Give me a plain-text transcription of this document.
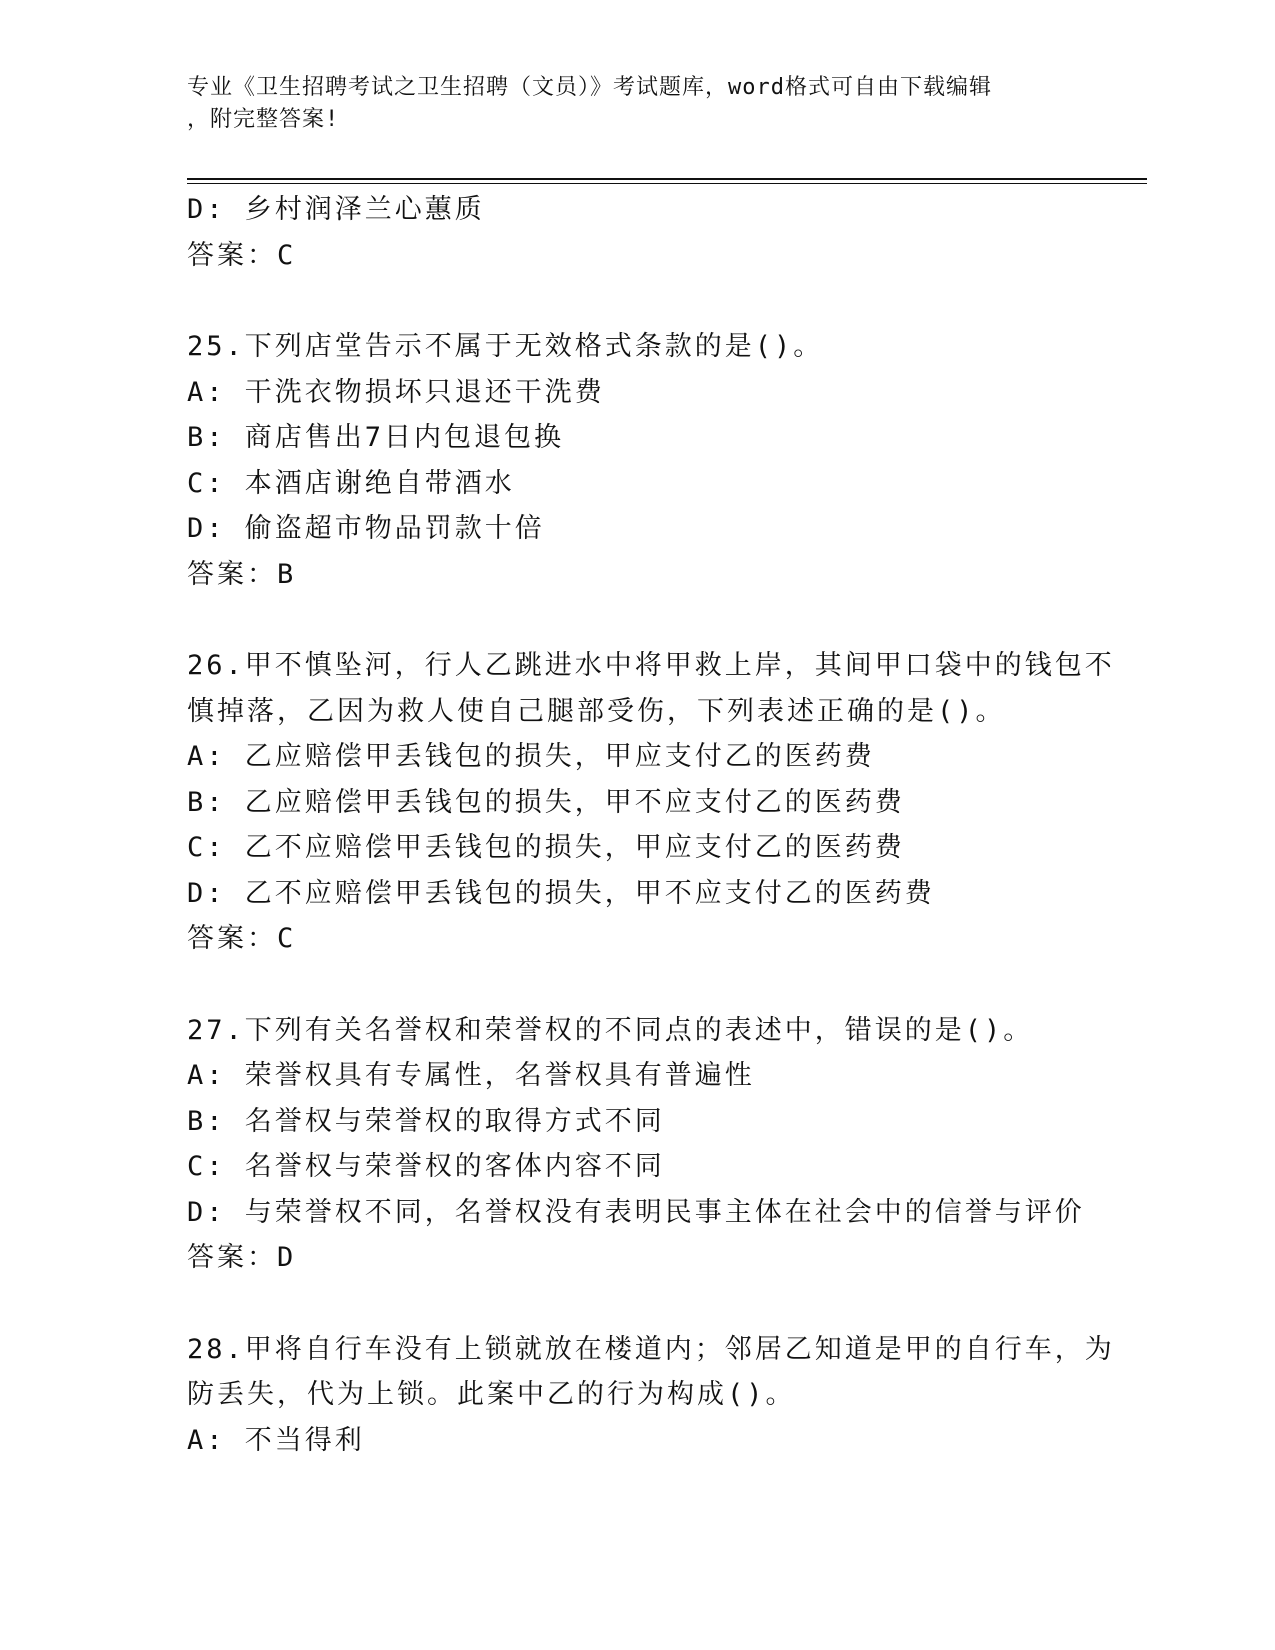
专业《卫生招聘考试之卫生招聘（文员）》考试题库，word格式可自由下载编辑
，附完整答案!
D: 乡村润泽兰心蕙质
答案：C
25.下列店堂告示不属于无效格式条款的是()。
A: 干洗衣物损坏只退还干洗费
B: 商店售出7日内包退包换
C: 本酒店谢绝自带酒水
D: 偷盗超市物品罚款十倍
答案：B
26.甲不慎坠河，行人乙跳进水中将甲救上岸，其间甲口袋中的钱包不
慎掉落，乙因为救人使自己腿部受伤，下列表述正确的是()。
A: 乙应赔偿甲丢钱包的损失，甲应支付乙的医药费
B: 乙应赔偿甲丢钱包的损失，甲不应支付乙的医药费
C: 乙不应赔偿甲丢钱包的损失，甲应支付乙的医药费
D: 乙不应赔偿甲丢钱包的损失，甲不应支付乙的医药费
答案：C
27.下列有关名誉权和荣誉权的不同点的表述中，错误的是()。
A: 荣誉权具有专属性，名誉权具有普遍性
B: 名誉权与荣誉权的取得方式不同
C: 名誉权与荣誉权的客体内容不同
D: 与荣誉权不同，名誉权没有表明民事主体在社会中的信誉与评价
答案：D
28.甲将自行车没有上锁就放在楼道内；邻居乙知道是甲的自行车，为
防丢失，代为上锁。此案中乙的行为构成()。
A: 不当得利
